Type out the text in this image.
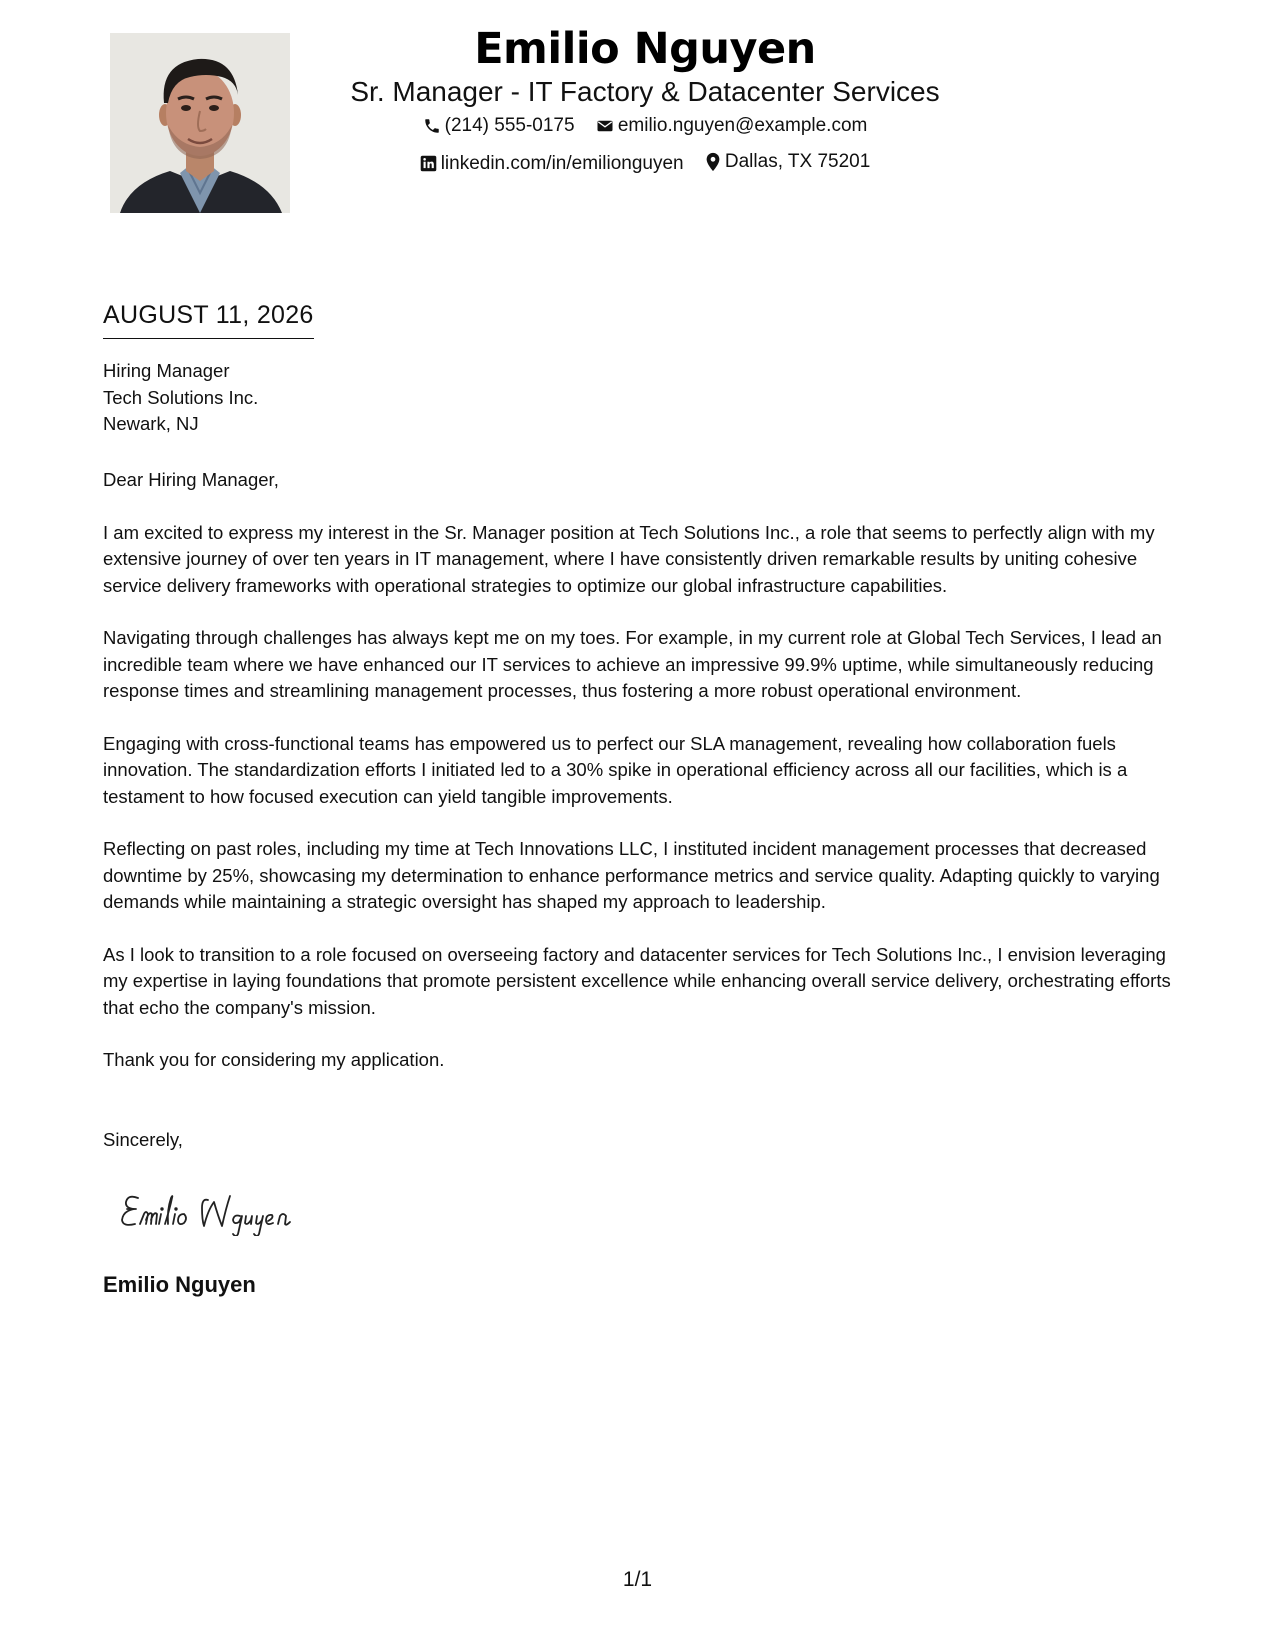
Emilio Nguyen
Sr. Manager - IT Factory & Datacenter Services
(214) 555-0175
emilio.nguyen@example.com
linkedin.com/in/emilionguyen
Dallas, TX 75201
AUGUST 11, 2026
Hiring Manager
Tech Solutions Inc.
Newark, NJ

Dear Hiring Manager,

I am excited to express my interest in the Sr. Manager position at Tech Solutions Inc., a role that seems to perfectly align with my extensive journey of over ten years in IT management, where I have consistently driven remarkable results by uniting cohesive service delivery frameworks with operational strategies to optimize our global infrastructure capabilities.

Navigating through challenges has always kept me on my toes. For example, in my current role at Global Tech Services, I lead an incredible team where we have enhanced our IT services to achieve an impressive 99.9% uptime, while simultaneously reducing response times and streamlining management processes, thus fostering a more robust operational environment.

Engaging with cross-functional teams has empowered us to perfect our SLA management, revealing how collaboration fuels innovation. The standardization efforts I initiated led to a 30% spike in operational efficiency across all our facilities, which is a testament to how focused execution can yield tangible improvements.

Reflecting on past roles, including my time at Tech Innovations LLC, I instituted incident management processes that decreased downtime by 25%, showcasing my determination to enhance performance metrics and service quality. Adapting quickly to varying demands while maintaining a strategic oversight has shaped my approach to leadership.

As I look to transition to a role focused on overseeing factory and datacenter services for Tech Solutions Inc., I envision leveraging my expertise in laying foundations that promote persistent excellence while enhancing overall service delivery, orchestrating efforts that echo the company's mission.

Thank you for considering my application.

Sincerely,
Emilio Nguyen
1/1
